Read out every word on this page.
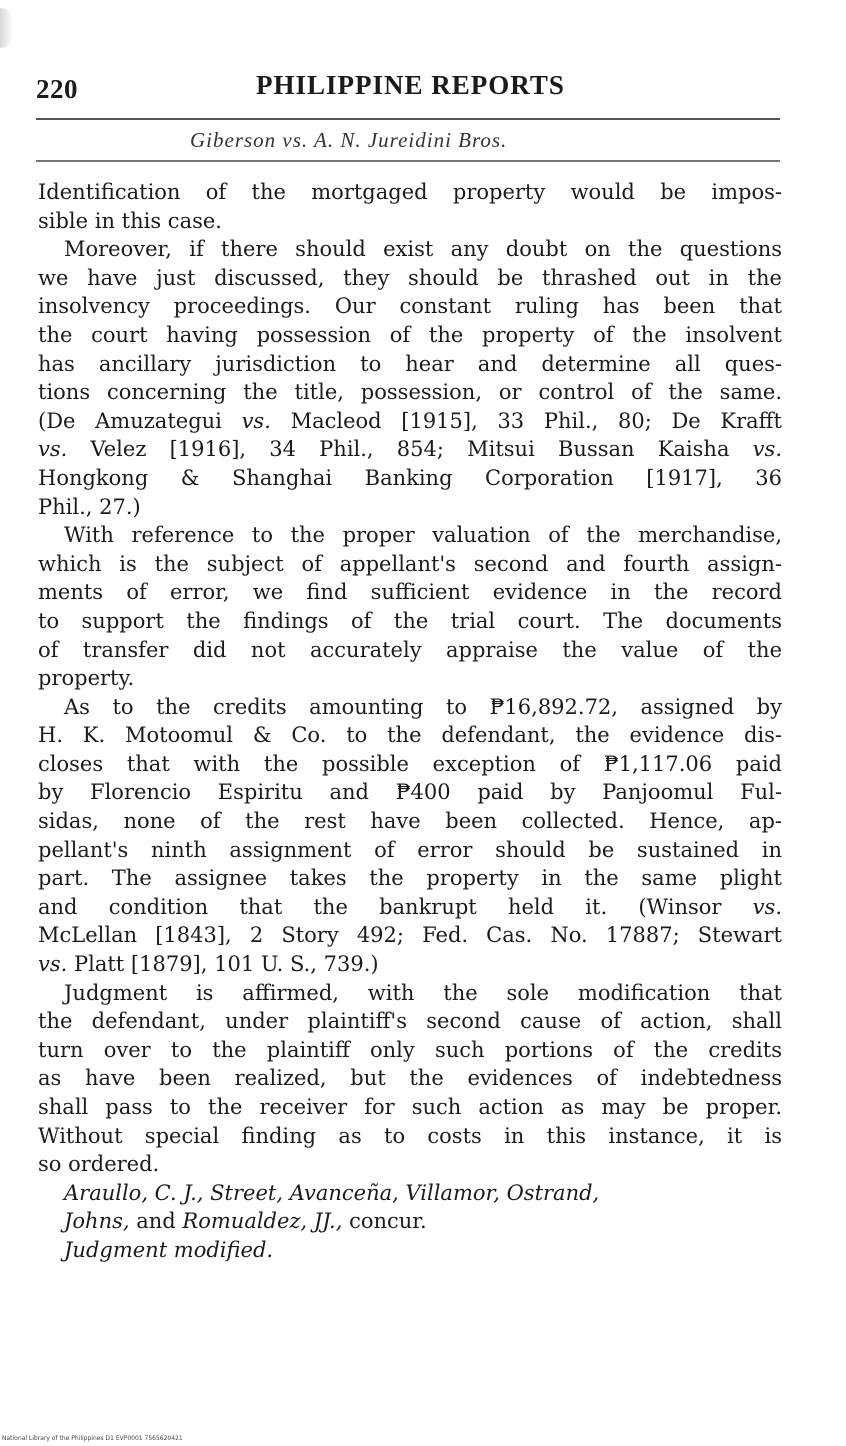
220	PHILIPPINE REPORTS
Giberson vs. A. N. Jureidini Bros.
Identification of the mortgaged property would be impos-
sible in this case.
Moreover, if there should exist any doubt on the questions
we have just discussed, they should be thrashed out in the
insolvency proceedings. Our constant ruling has been that
the court having possession of the property of the insolvent
has ancillary jurisdiction to hear and determine all ques-
tions concerning the title, possession, or control of the same.
(De Amuzategui vs. Macleod [1915], 33 Phil., 80; De Krafft
vs. Velez [1916], 34 Phil., 854; Mitsui Bussan Kaisha vs.
Hongkong & Shanghai Banking Corporation [1917], 36
Phil., 27.)
With reference to the proper valuation of the merchandise,
which is the subject of appellant's second and fourth assign-
ments of error, we find sufficient evidence in the record
to support the findings of the trial court. The documents
of transfer did not accurately appraise the value of the
property.
As to the credits amounting to ₱16,892.72, assigned by
H. K. Motoomul & Co. to the defendant, the evidence dis-
closes that with the possible exception of ₱1,117.06 paid
by Florencio Espiritu and ₱400 paid by Panjoomul Ful-
sidas, none of the rest have been collected. Hence, ap-
pellant's ninth assignment of error should be sustained in
part. The assignee takes the property in the same plight
and condition that the bankrupt held it. (Winsor vs.
McLellan [1843], 2 Story 492; Fed. Cas. No. 17887; Stewart
vs. Platt [1879], 101 U. S., 739.)
Judgment is affirmed, with the sole modification that
the defendant, under plaintiff's second cause of action, shall
turn over to the plaintiff only such portions of the credits
as have been realized, but the evidences of indebtedness
shall pass to the receiver for such action as may be proper.
Without special finding as to costs in this instance, it is
so ordered.
Araullo, C. J., Street, Avanceña, Villamor, Ostrand,
Johns, and Romualdez, JJ., concur.
Judgment modified.
National Library of the Philippines D1 EVP0001 7565620421
